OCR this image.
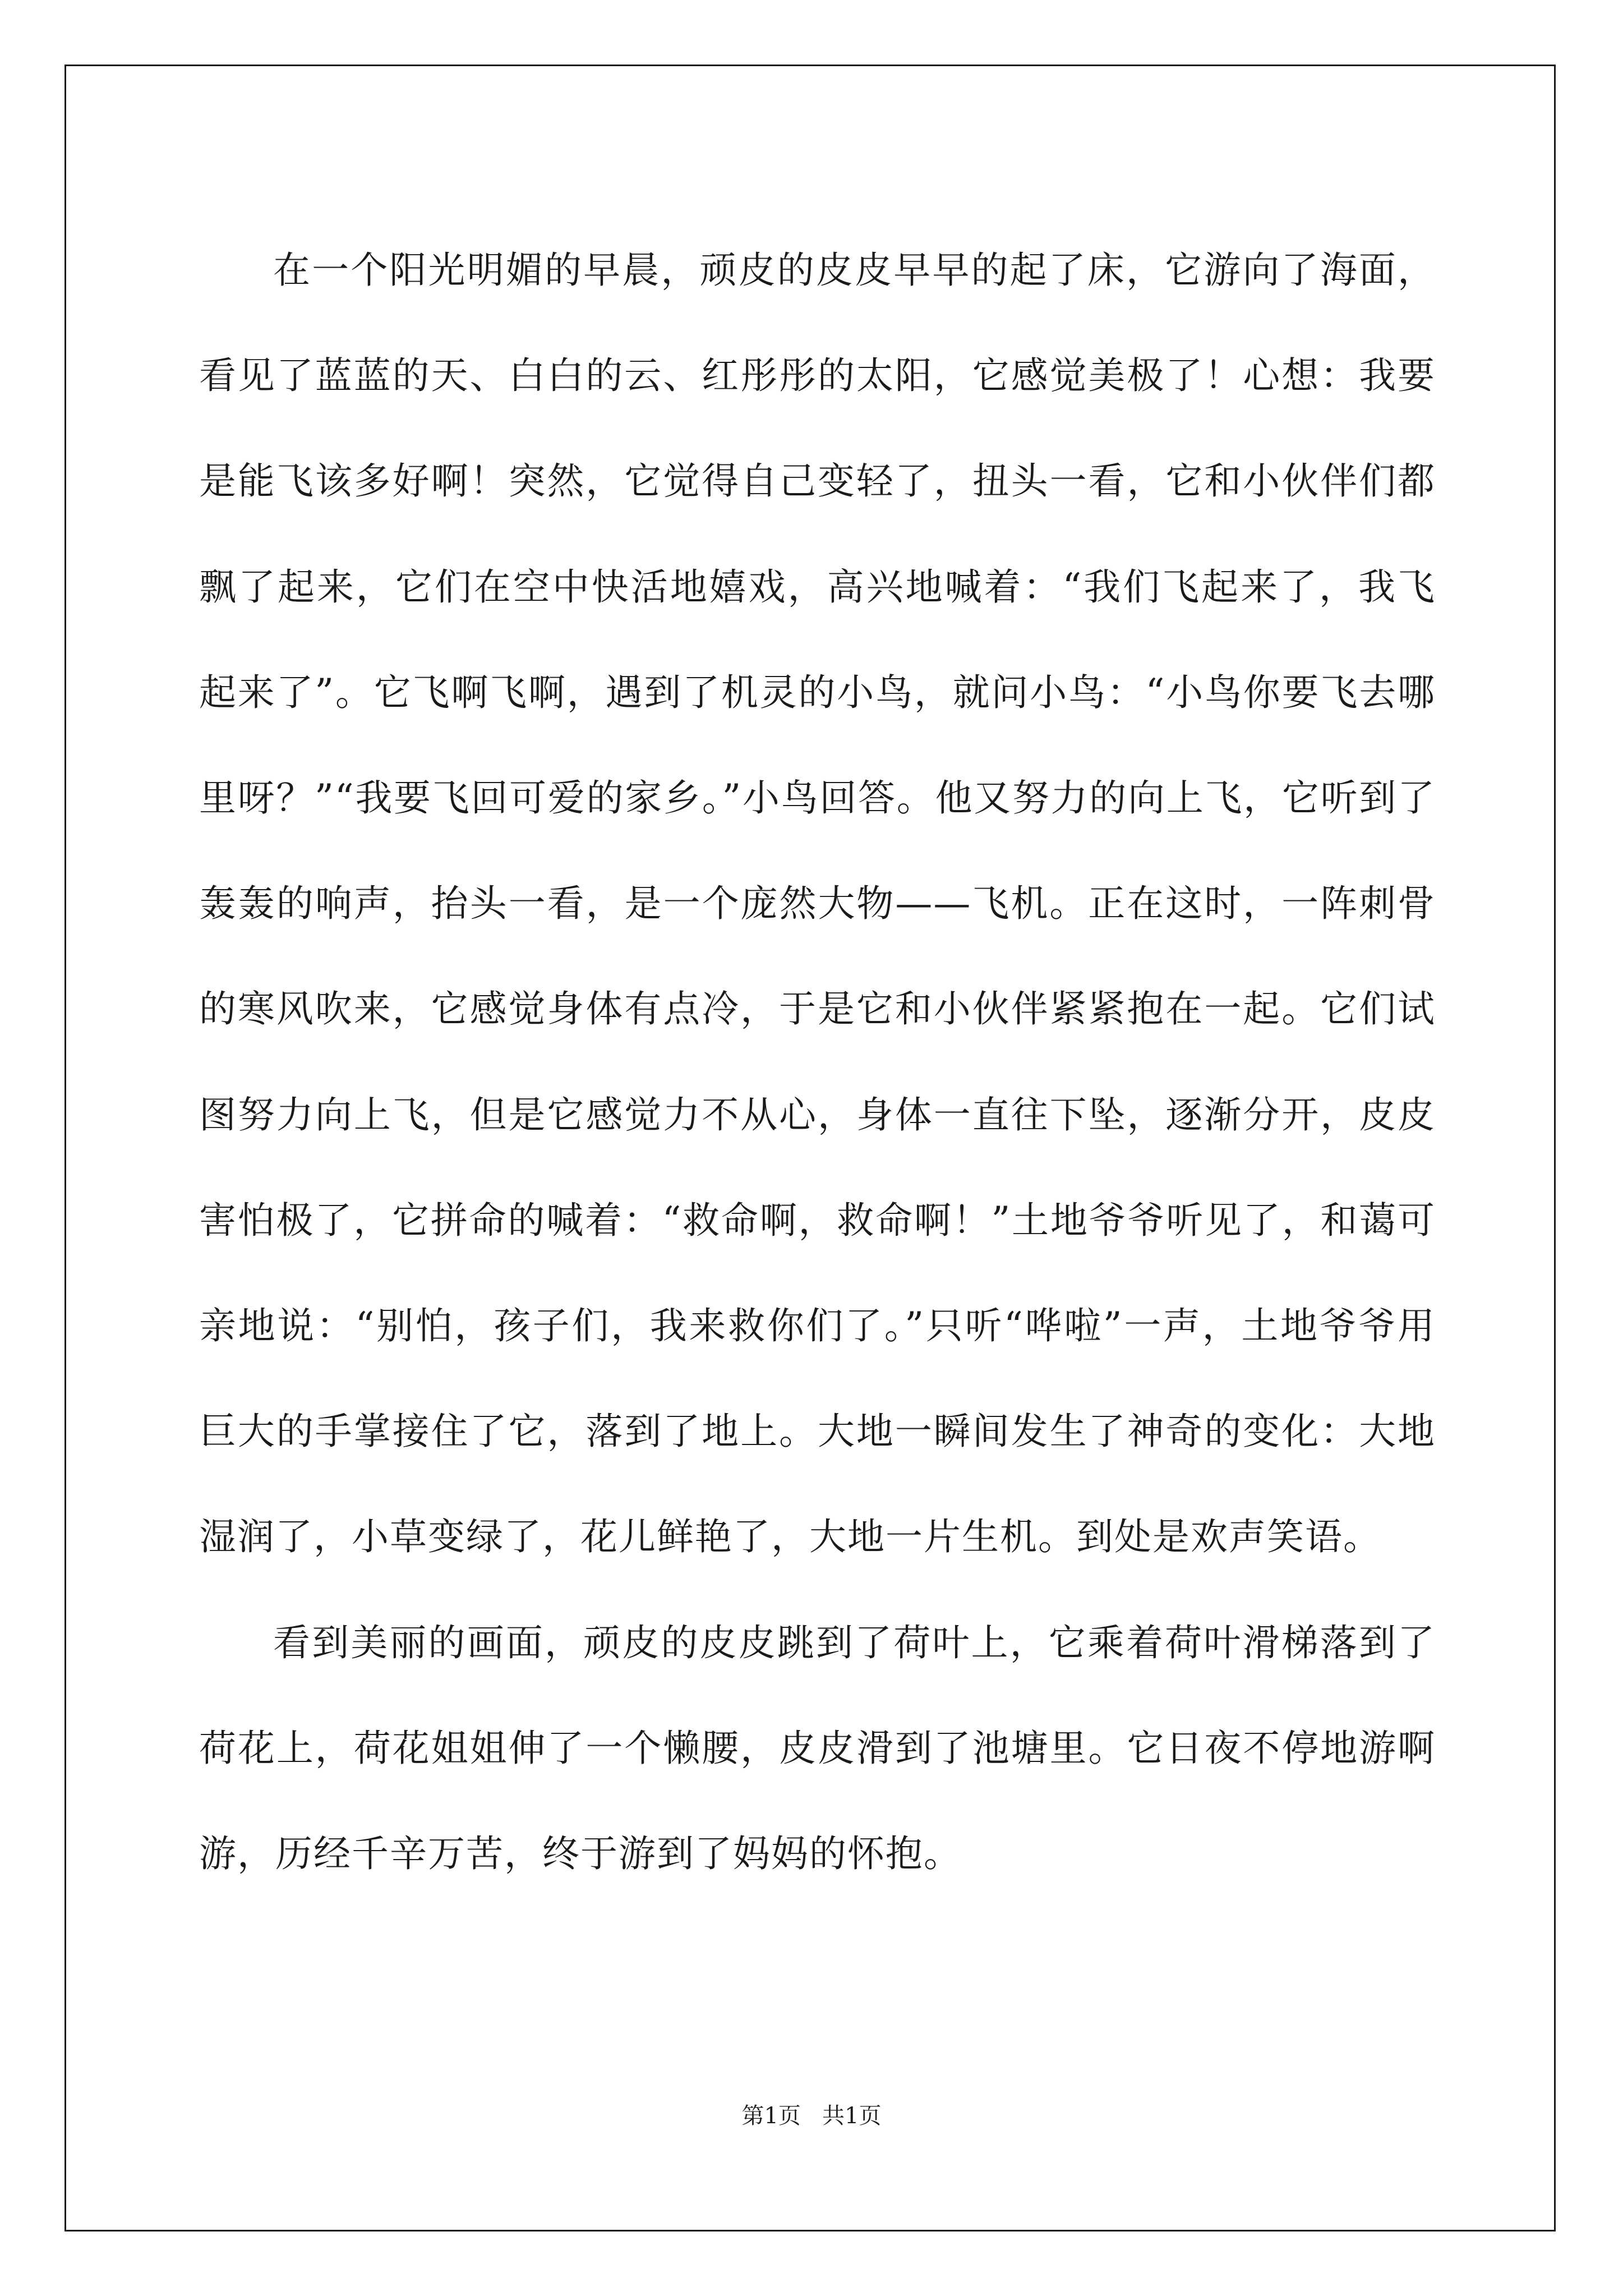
在一个阳光明媚的早晨，顽皮的皮皮早早的起了床，它游向了海面，看见了蓝蓝的天、白白的云、红彤彤的太阳，它感觉美极了！心想：我要是能飞该多好啊！突然，它觉得自己变轻了，扭头一看，它和小伙伴们都飘了起来，它们在空中快活地嬉戏，高兴地喊着：“我们飞起来了，我飞起来了”。它飞啊飞啊，遇到了机灵的小鸟，就问小鸟：“小鸟你要飞去哪里呀？”“我要飞回可爱的家乡。”小鸟回答。他又努力的向上飞，它听到了轰轰的响声，抬头一看，是一个庞然大物——飞机。正在这时，一阵刺骨的寒风吹来，它感觉身体有点冷，于是它和小伙伴紧紧抱在一起。它们试图努力向上飞，但是它感觉力不从心，身体一直往下坠，逐渐分开，皮皮害怕极了，它拼命的喊着：“救命啊，救命啊！”土地爷爷听见了，和蔼可亲地说：“别怕，孩子们，我来救你们了。”只听“哗啦”一声，土地爷爷用巨大的手掌接住了它，落到了地上。大地一瞬间发生了神奇的变化：大地湿润了，小草变绿了，花儿鲜艳了，大地一片生机。到处是欢声笑语。

看到美丽的画面，顽皮的皮皮跳到了荷叶上，它乘着荷叶滑梯落到了荷花上，荷花姐姐伸了一个懒腰，皮皮滑到了池塘里。它日夜不停地游啊游，历经千辛万苦，终于游到了妈妈的怀抱。

第1页   共1页
